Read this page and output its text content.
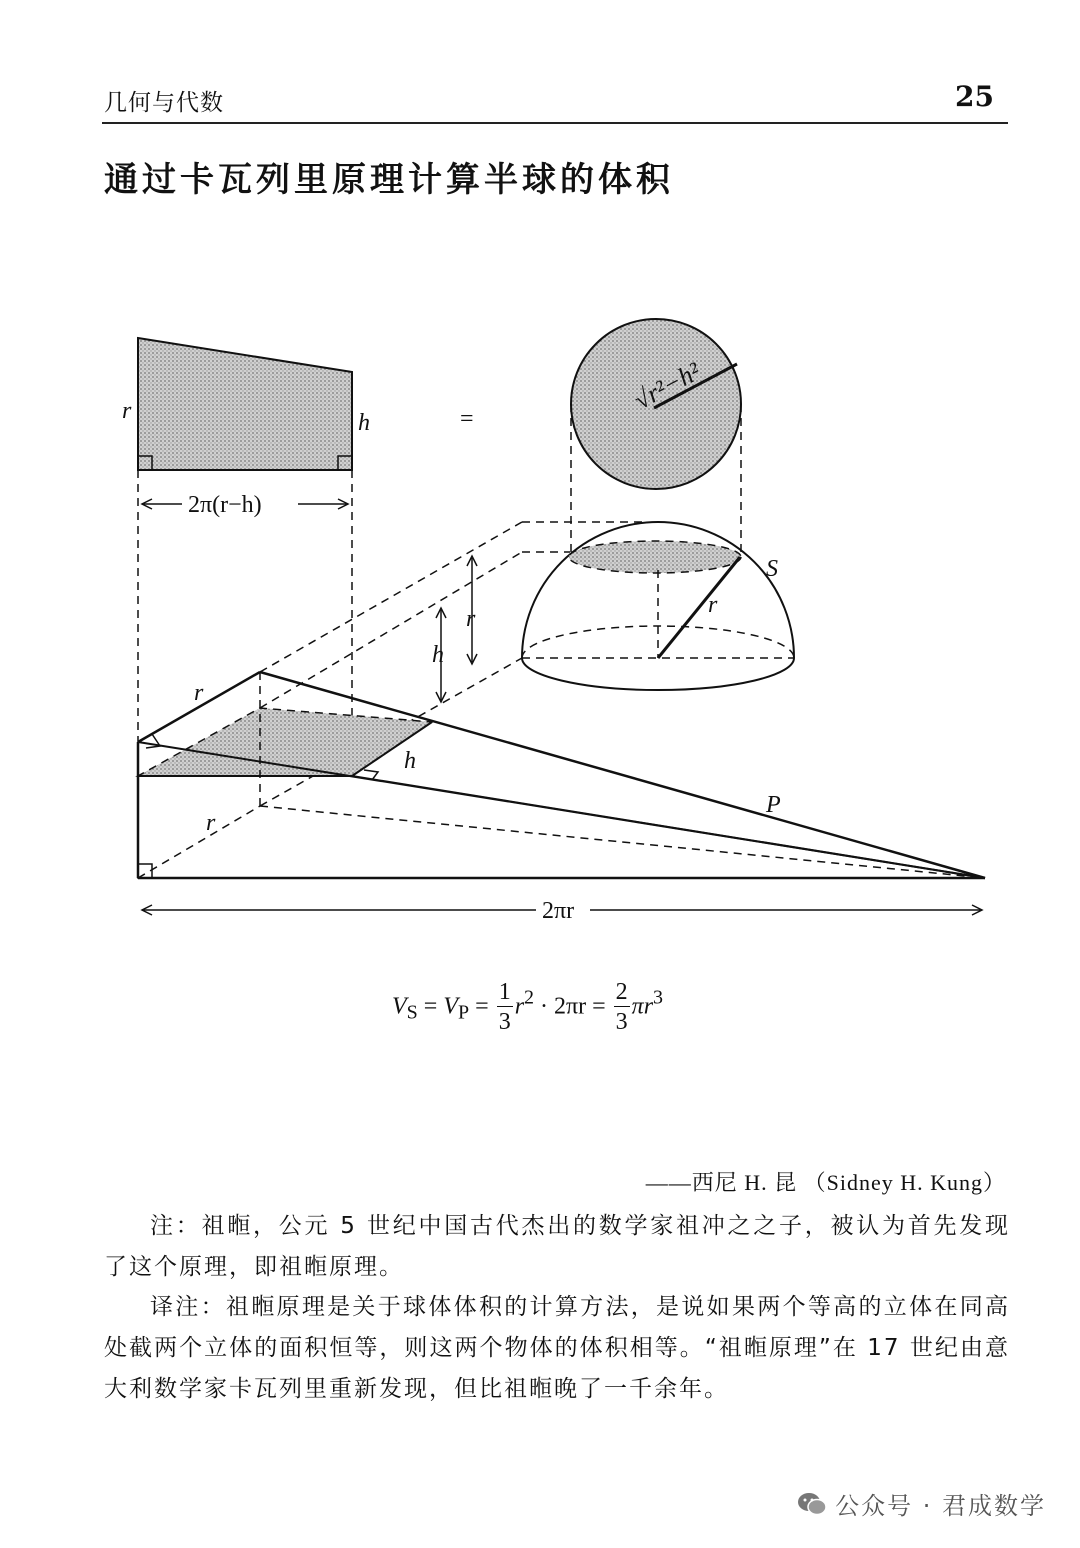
几何与代数	25
通过卡瓦列里原理计算半球的体积
r	h	=
2π(r−h)
√r²−h²
S
r
r
h
r
h
P
r
2πr
$V_S = V_P = \frac{1}{3} r^2 \cdot 2\pi r = \frac{2}{3} \pi r^3$
——西尼 H. 昆 （Sidney H. Kung）
注：祖暅，公元 5 世纪中国古代杰出的数学家祖冲之之子，被认为首先发现了这个原理，即祖暅原理。
译注：祖暅原理是关于球体体积的计算方法，是说如果两个等高的立体在同高处截两个立体的面积恒等，则这两个物体的体积相等。“祖暅原理”在 17 世纪由意大利数学家卡瓦列里重新发现，但比祖暅晚了一千余年。
公众号 · 君成数学
